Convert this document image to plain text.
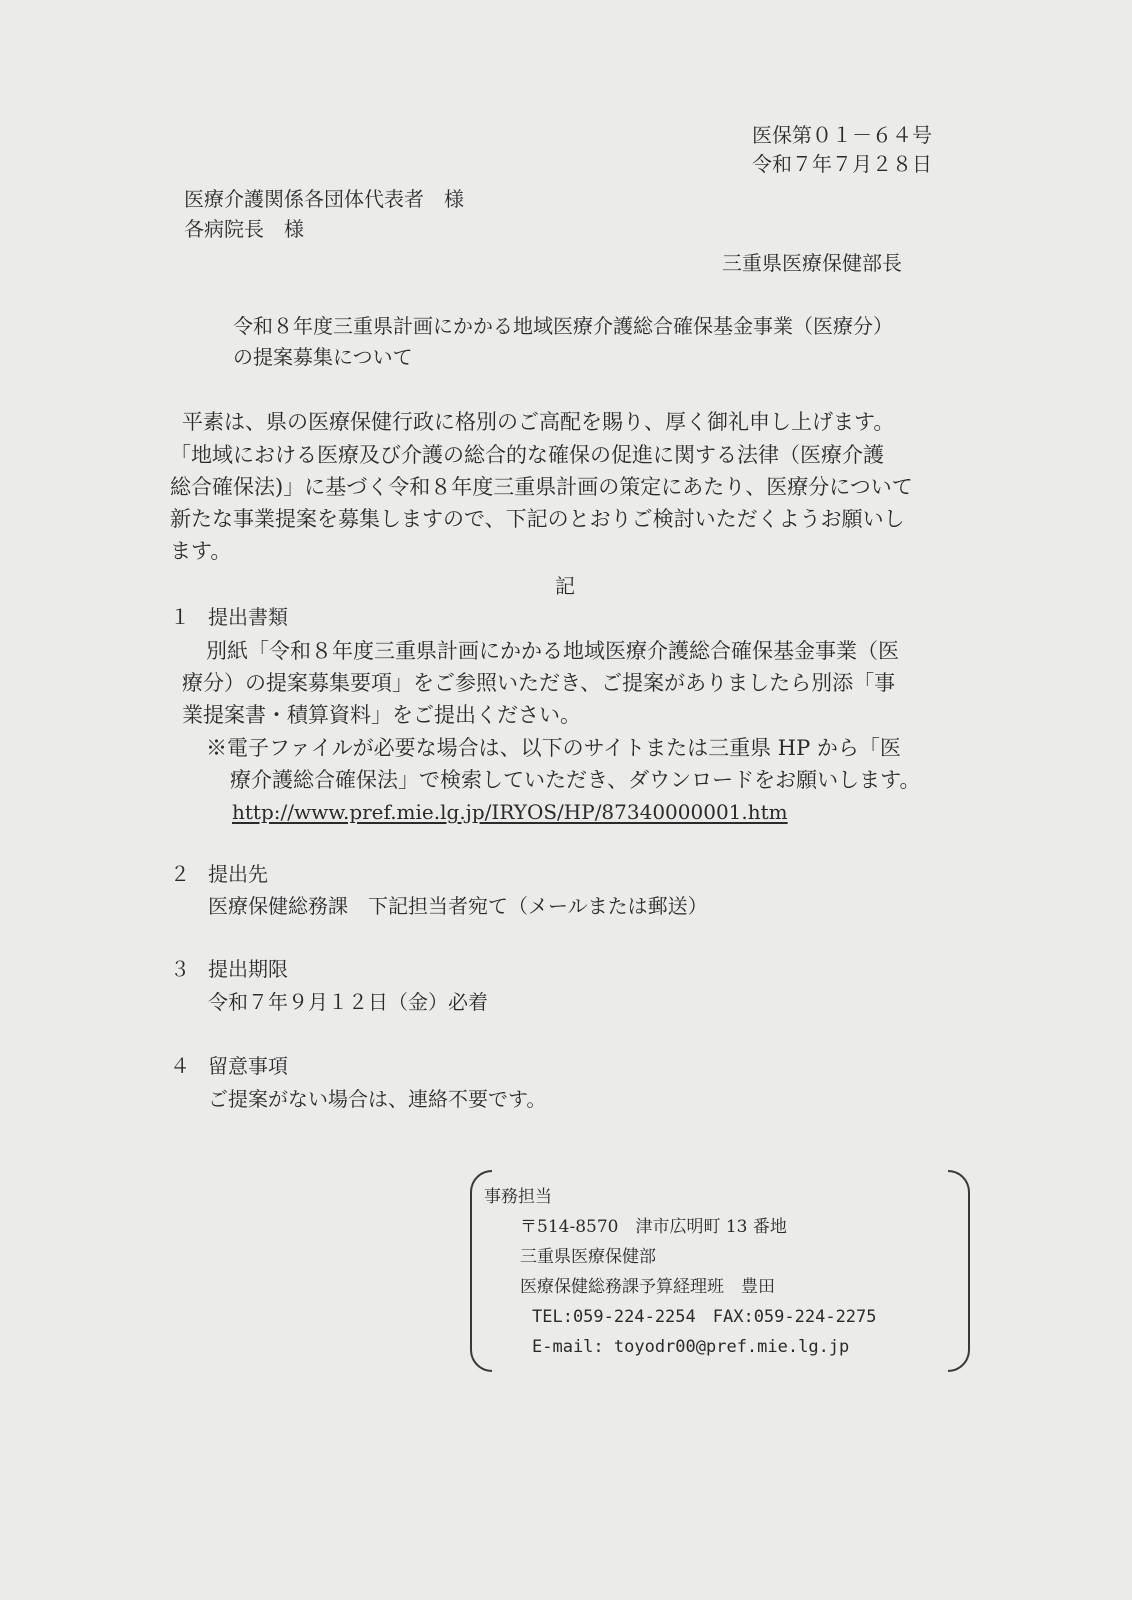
医保第０１－６４号
令和７年７月２８日
医療介護関係各団体代表者　様
各病院長　様
三重県医療保健部長
令和８年度三重県計画にかかる地域医療介護総合確保基金事業（医療分）
の提案募集について
平素は、県の医療保健行政に格別のご高配を賜り、厚く御礼申し上げます。
「地域における医療及び介護の総合的な確保の促進に関する法律（医療介護
総合確保法)」に基づく令和８年度三重県計画の策定にあたり、医療分について
新たな事業提案を募集しますので、下記のとおりご検討いただくようお願いし
ます。
記
１ 提出書類
別紙「令和８年度三重県計画にかかる地域医療介護総合確保基金事業（医
療分）の提案募集要項」をご参照いただき、ご提案がありましたら別添「事
業提案書・積算資料」をご提出ください。
※電子ファイルが必要な場合は、以下のサイトまたは三重県 HP から「医
療介護総合確保法」で検索していただき、ダウンロードをお願いします。
http://www.pref.mie.lg.jp/IRYOS/HP/87340000001.htm
２ 提出先
医療保健総務課　下記担当者宛て（メールまたは郵送）
３ 提出期限
令和７年９月１２日（金）必着
４ 留意事項
ご提案がない場合は、連絡不要です。
事務担当
〒514-8570　津市広明町 13 番地
三重県医療保健部
医療保健総務課予算経理班　豊田
TEL:059-224-2254　FAX:059-224-2275
E-mail: toyodr00@pref.mie.lg.jp
